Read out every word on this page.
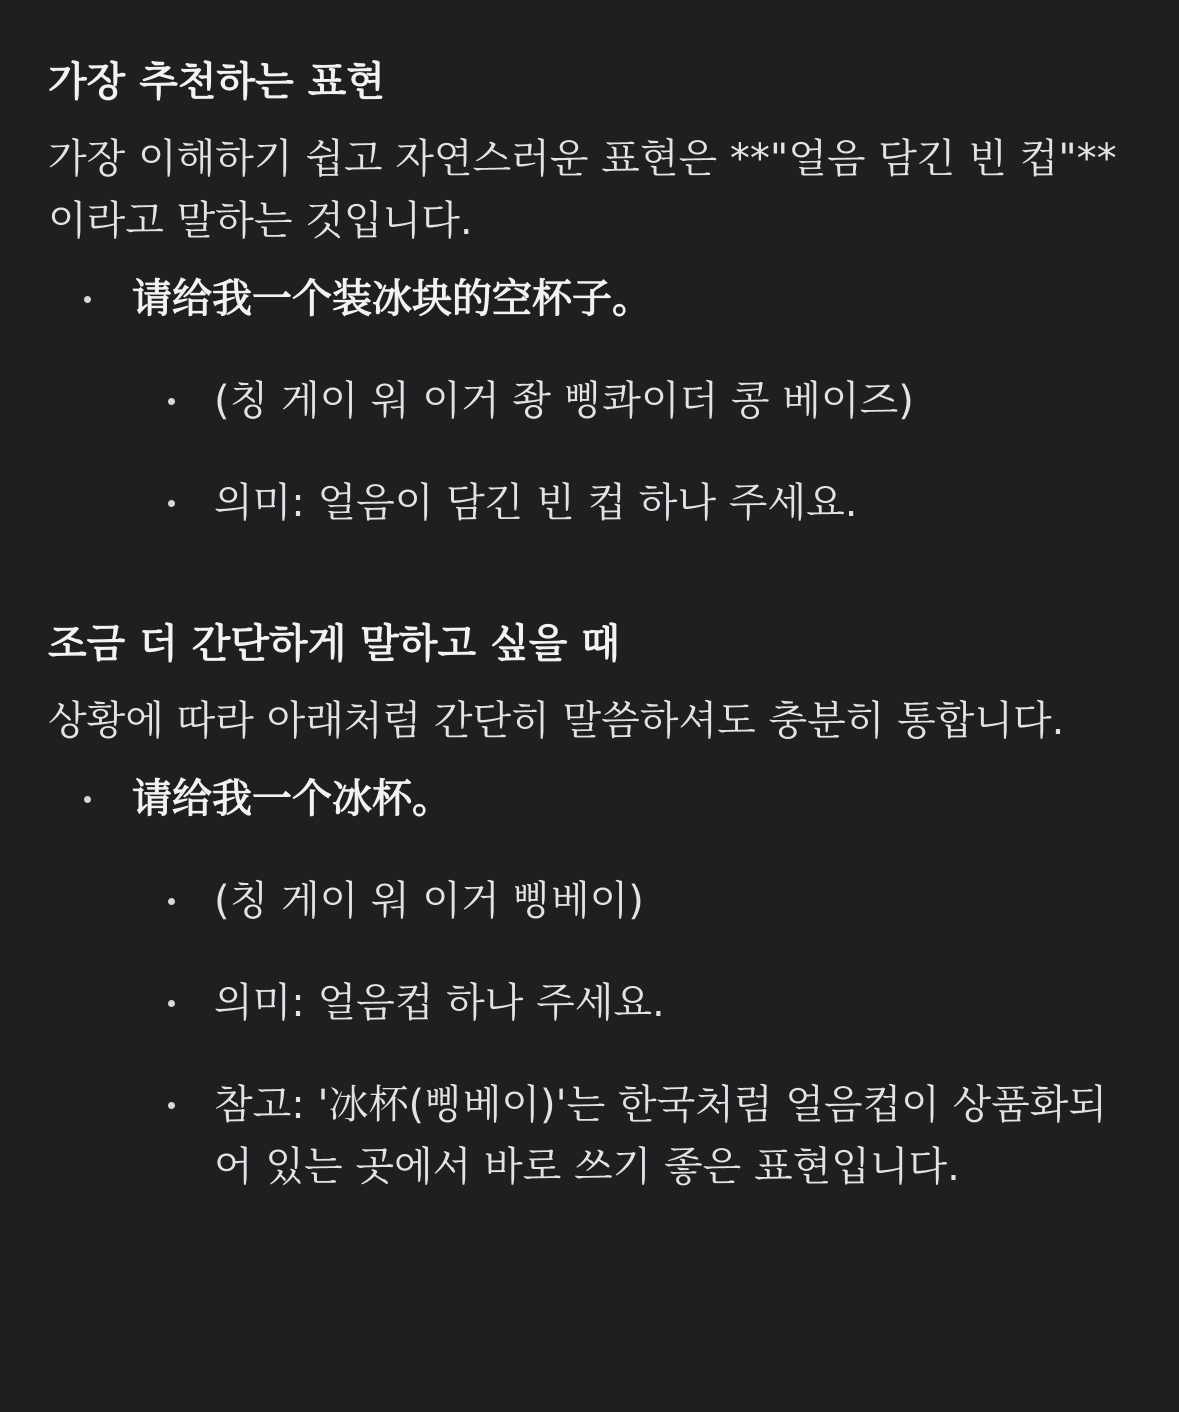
가장 추천하는 표현

가장 이해하기 쉽고 자연스러운 표현은 **"얼음 담긴 빈 컵"**이라고 말하는 것입니다.

请给我一个装冰块的空杯子。
(칭 게이 워 이거 좡 삥콰이더 콩 베이즈)
의미: 얼음이 담긴 빈 컵 하나 주세요.
조금 더 간단하게 말하고 싶을 때

상황에 따라 아래처럼 간단히 말씀하셔도 충분히 통합니다.

请给我一个冰杯。
(칭 게이 워 이거 삥베이)
의미: 얼음컵 하나 주세요.
참고: '冰杯(삥베이)'는 한국처럼 얼음컵이 상품화되어 있는 곳에서 바로 쓰기 좋은 표현입니다.
